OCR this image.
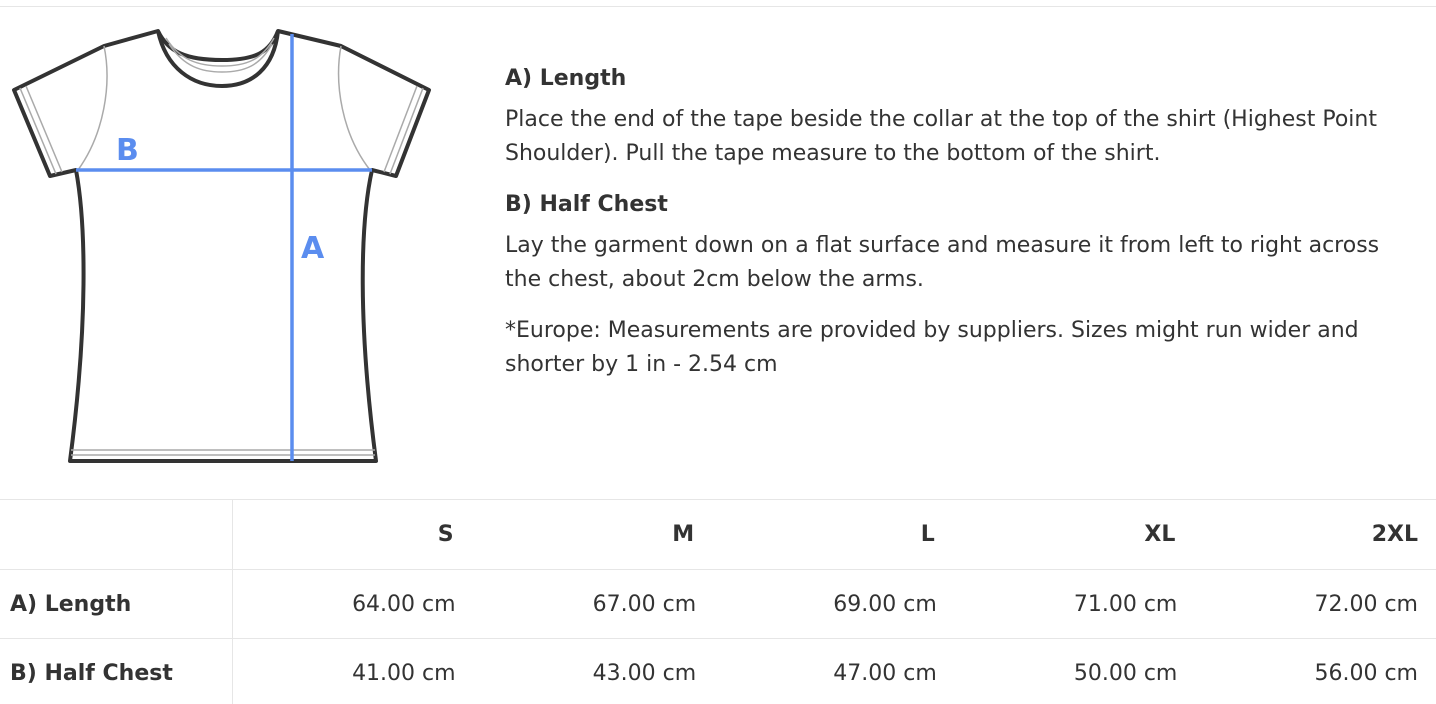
B
A
A) Length

Place the end of the tape beside the collar at the top of the shirt (Highest Point Shoulder). Pull the tape measure to the bottom of the shirt.

B) Half Chest

Lay the garment down on a flat surface and measure it from left to right across the chest, about 2cm below the arms.

*Europe: Measurements are provided by suppliers. Sizes might run wider and shorter by 1 in - 2.54 cm

	S	M	L	XL	2XL
A) Length	64.00 cm	67.00 cm	69.00 cm	71.00 cm	72.00 cm
B) Half Chest	41.00 cm	43.00 cm	47.00 cm	50.00 cm	56.00 cm
